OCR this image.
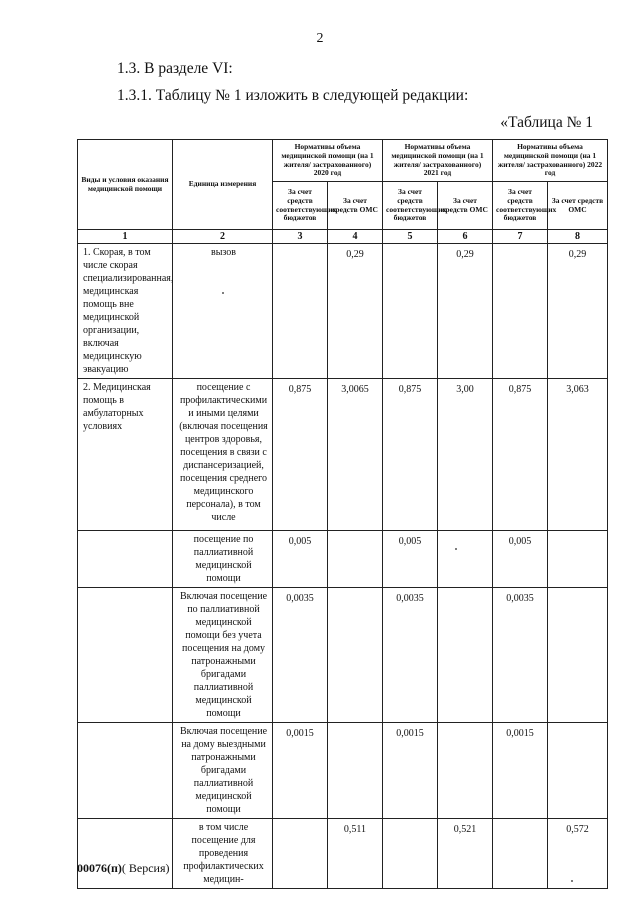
2
1.3. В разделе VI:
1.3.1. Таблицу № 1 изложить в следующей редакции:
«Таблица № 1
Виды и условия оказания медицинской помощи	Единица измерения	Нормативы объема медицинской помощи (на 1 жителя/ застрахованного) 2020 год		Нормативы объема медицинской помощи (на 1 жителя/ застрахованного) 2021 год		Нормативы объема медицинской помощи (на 1 жителя/ застрахованного) 2022 год	
		За счет средств соответствующих бюджетов	За счет средств ОМС	За счет средств соответствующих бюджетов	За счет средств ОМС	За счет средств соответствующих бюджетов	За счет средств ОМС
1	2	3	4	5	6	7	8
1. Скорая, в том числе скорая специализированная, медицинская помощь вне медицинской организации, включая медицинскую эвакуацию	вызов		0,29		0,29		0,29
2. Медицинская помощь в амбулаторных условиях	посещение с профилактическими и иными целями (включая посещения центров здоровья, посещения в связи с диспансеризацией, посещения среднего медицинского персонала), в том числе	0,875	3,0065	0,875	3,00	0,875	3,063
	посещение по паллиативной медицинской помощи	0,005		0,005		0,005	
	Включая посещение по паллиативной медицинской помощи без учета посещения на дому патронажными бригадами паллиативной медицинской помощи	0,0035		0,0035		0,0035	
	Включая посещение на дому выездными патронажными бригадами паллиативной медицинской помощи	0,0015		0,0015		0,0015	
	в том числе посещение для проведения профилактических медицин-		0,511		0,521		0,572
00076(п)( Версия)
